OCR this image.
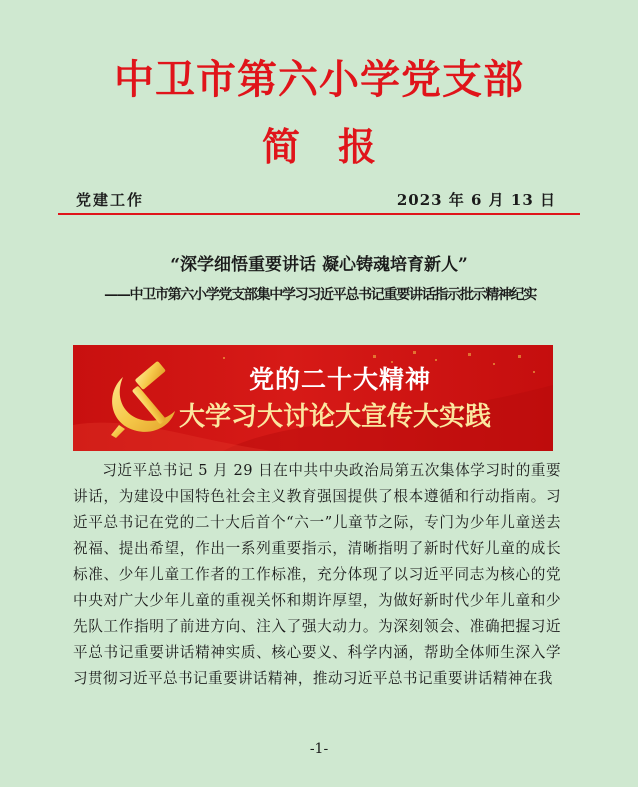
中卫市第六小学党支部
简报
党建工作	2023 年 6 月 13 日
“深学细悟重要讲话 凝心铸魂培育新人”
——中卫市第六小学党支部集中学习习近平总书记重要讲话指示批示精神纪实
党的二十大精神
大学习大讨论大宣传大实践

习近平总书记 5 月 29 日在中共中央政治局第五次集体学习时的重要讲话，为建设中国特色社会主义教育强国提供了根本遵循和行动指南。习近平总书记在党的二十大后首个“六一”儿童节之际，专门为少年儿童送去祝福、提出希望，作出一系列重要指示，清晰指明了新时代好儿童的成长标准、少年儿童工作者的工作标准，充分体现了以习近平同志为核心的党中央对广大少年儿童的重视关怀和期许厚望，为做好新时代少年儿童和少先队工作指明了前进方向、注入了强大动力。为深刻领会、准确把握习近平总书记重要讲话精神实质、核心要义、科学内涵，帮助全体师生深入学习贯彻习近平总书记重要讲话精神，推动习近平总书记重要讲话精神在我

-1-
